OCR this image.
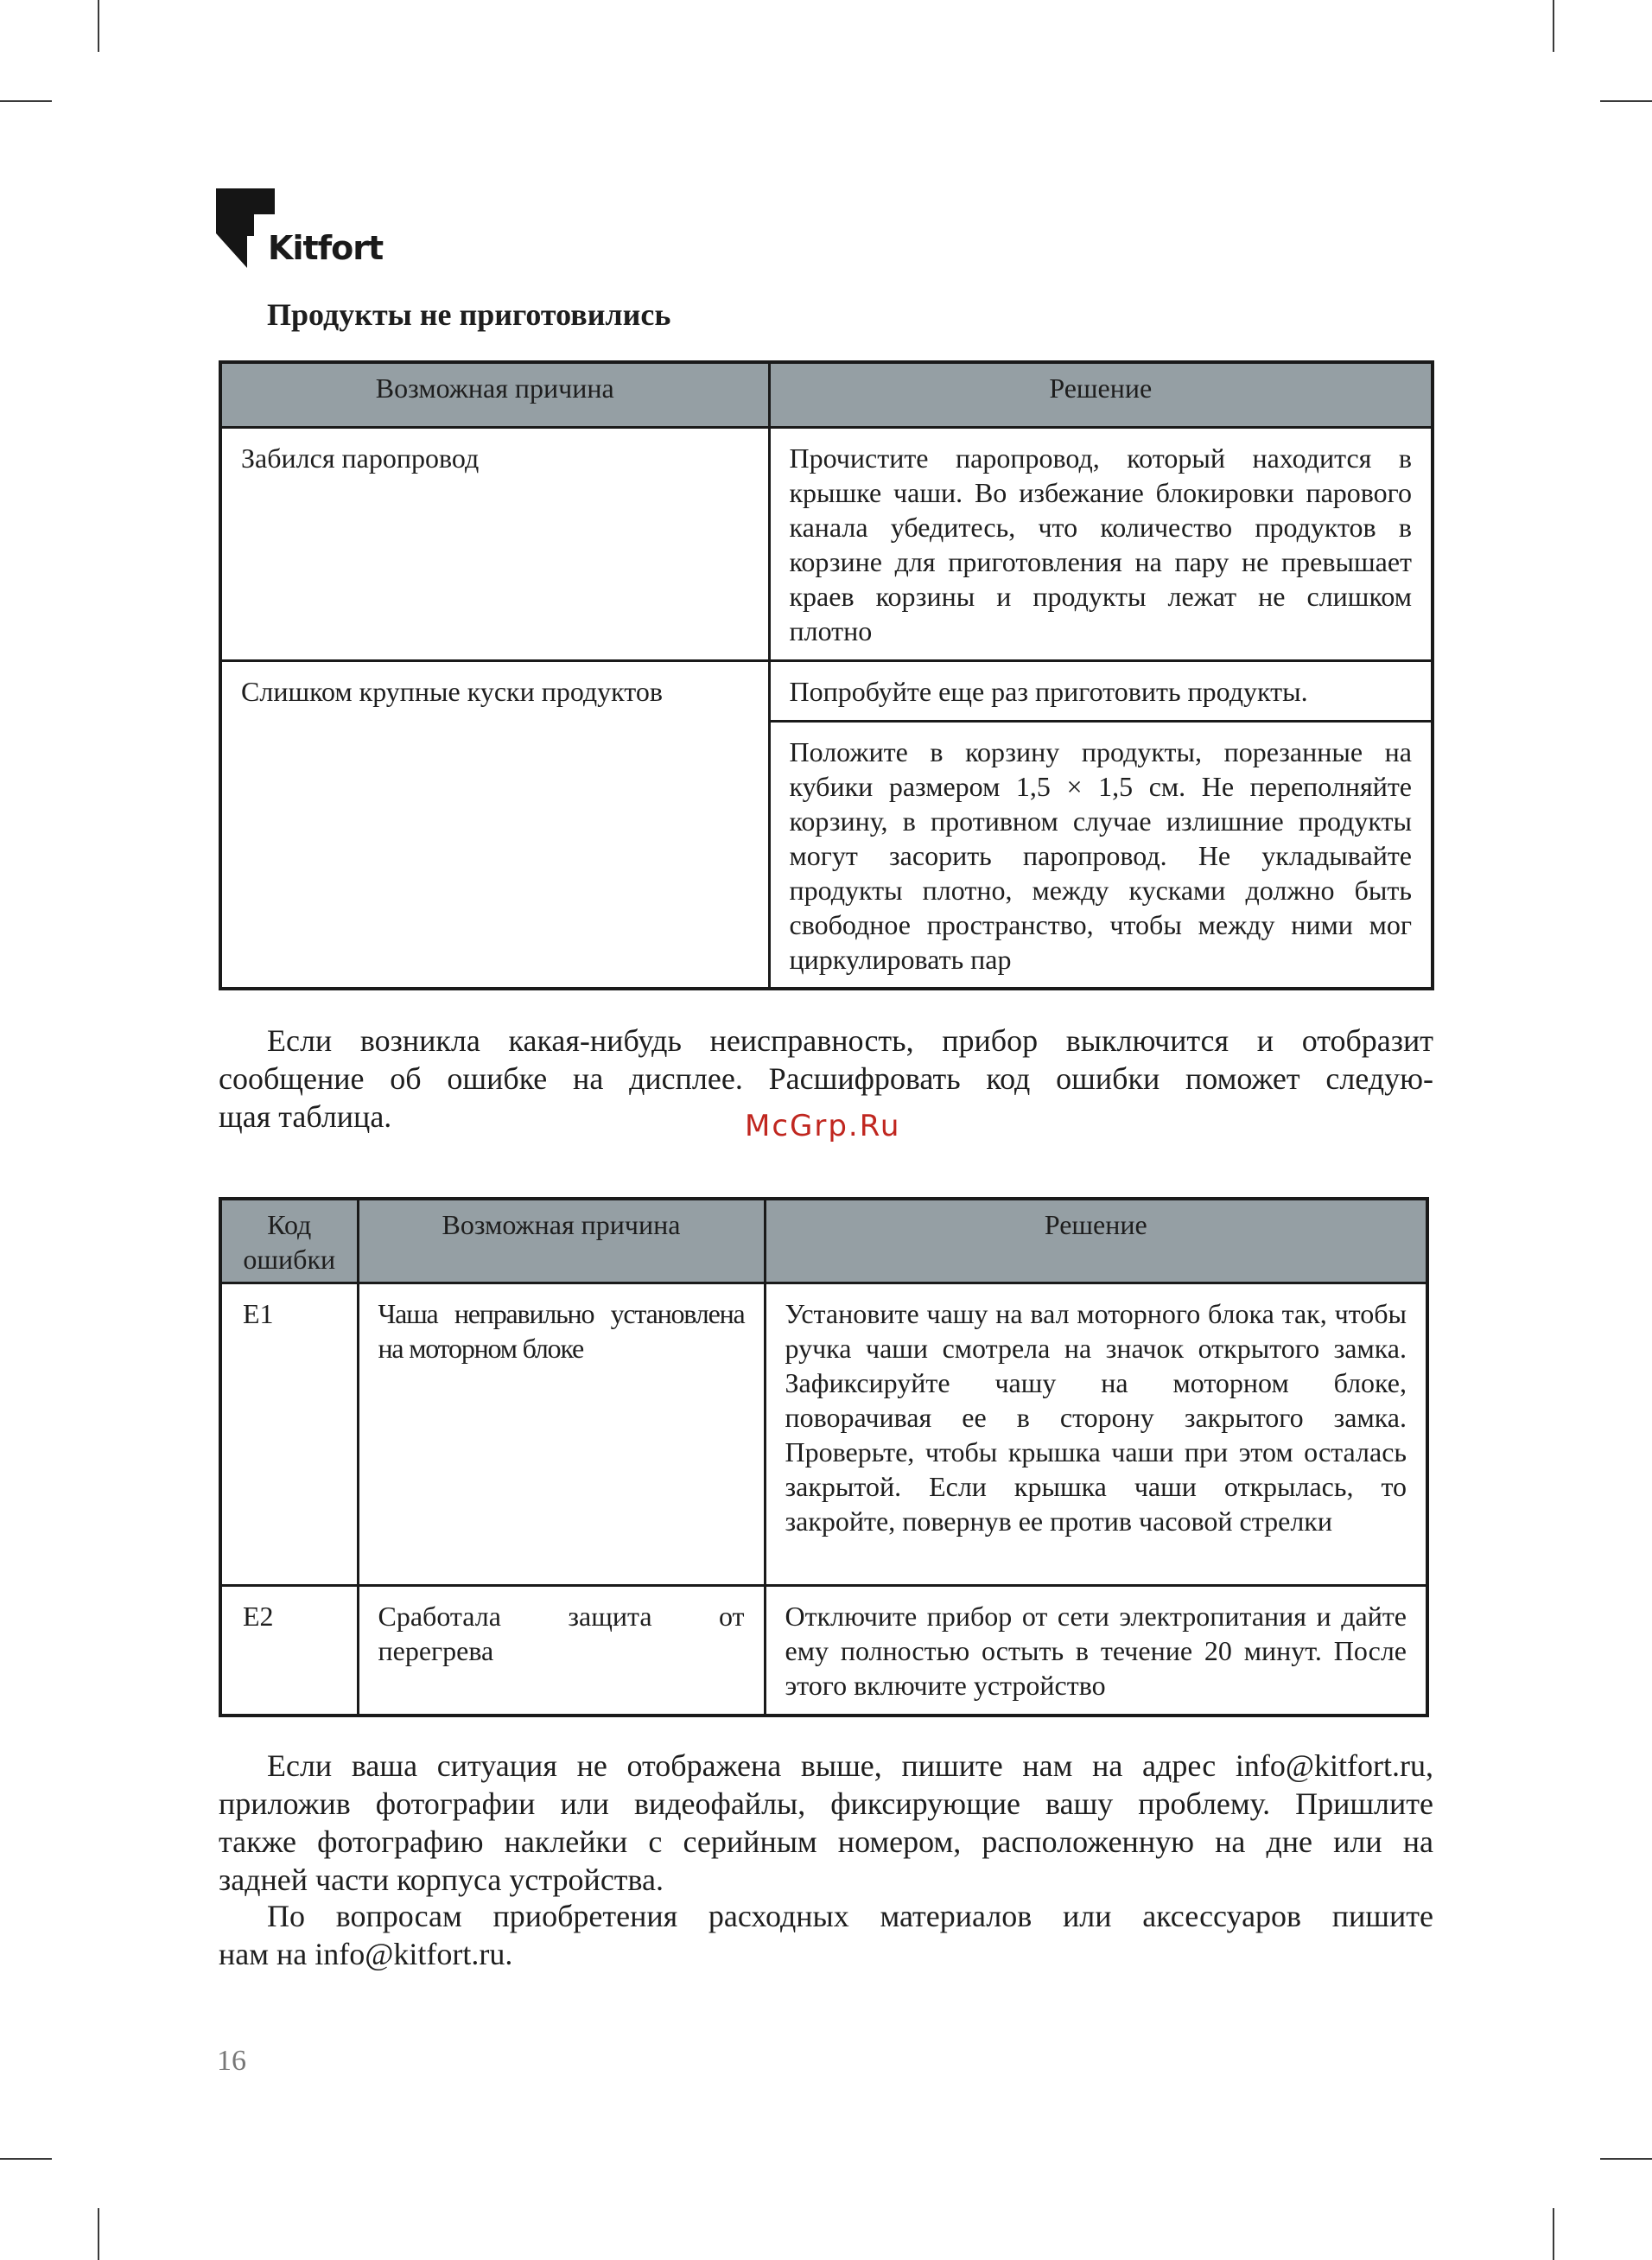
Kitfort
Продукты не приготовились
Возможная причина	Решение
Забился паропровод	Прочистите паропровод, который находится в крышке чаши. Во избежание блокировки парового канала убедитесь, что количество продуктов в корзине для приготовления на пару не превышает краев корзины и продукты лежат не слишком плотно
Слишком крупные куски продуктов	Попробуйте еще раз приготовить продукты.
	Положите в корзину продукты, порезанные на кубики размером 1,5 × 1,5 см. Не переполняйте корзину, в противном случае излишние продукты могут засорить паропровод. Не укладывайте продукты плотно, между кусками должно быть свободное пространство, чтобы между ними мог циркулировать пар

Если возникла какая-нибудь неисправность, прибор выключится и отобразит
сообщение об ошибке на дисплее. Расшифровать код ошибки поможет следую-
щая таблица.	McGrp.Ru
Код ошибки	Возможная причина	Решение
E1	Чаша неправильно установлена на моторном блоке	Установите чашу на вал моторного блока так, чтобы ручка чаши смотрела на значок открытого замка. Зафиксируйте чашу на моторном блоке, поворачивая ее в сторону закрытого замка. Проверьте, чтобы крышка чаши при этом осталась закрытой. Если крышка чаши открылась, то закройте, повернув ее против часовой стрелки
E2	Сработала защита от перегрева	Отключите прибор от сети электропитания и дайте ему полностью остыть в течение 20 минут. После этого включите устройство

Если ваша ситуация не отображена выше, пишите нам на адрес info@kitfort.ru,
приложив фотографии или видеофайлы, фиксирующие вашу проблему. Пришлите
также фотографию наклейки с серийным номером, расположенную на дне или на
задней части корпуса устройства.

По вопросам приобретения расходных материалов или аксессуаров пишите
нам на info@kitfort.ru.

16
